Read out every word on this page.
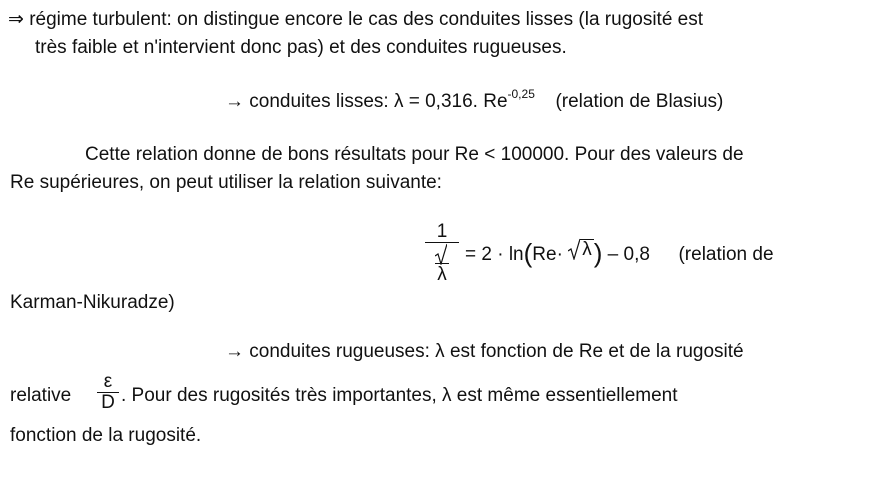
⇒ régime turbulent: on distingue encore le cas des conduites lisses (la rugosité est
très faible et n'intervient donc pas) et des conduites rugueuses.
→ conduites lisses: λ = 0,316. $Re^{-0,25}$ (relation de Blasius)
Cette relation donne de bons résultats pour Re < 100000. Pour des valeurs de
Re supérieures, on peut utiliser la relation suivante:
1
λ
= 2 · ln(Re· λ ) – 0,8 (relation de
Karman-Nikuradze)
→ conduites rugueuses: λ est fonction de Re et de la rugosité
relative
ε
D . Pour des rugosités très importantes, λ est même essentiellement
fonction de la rugosité.
